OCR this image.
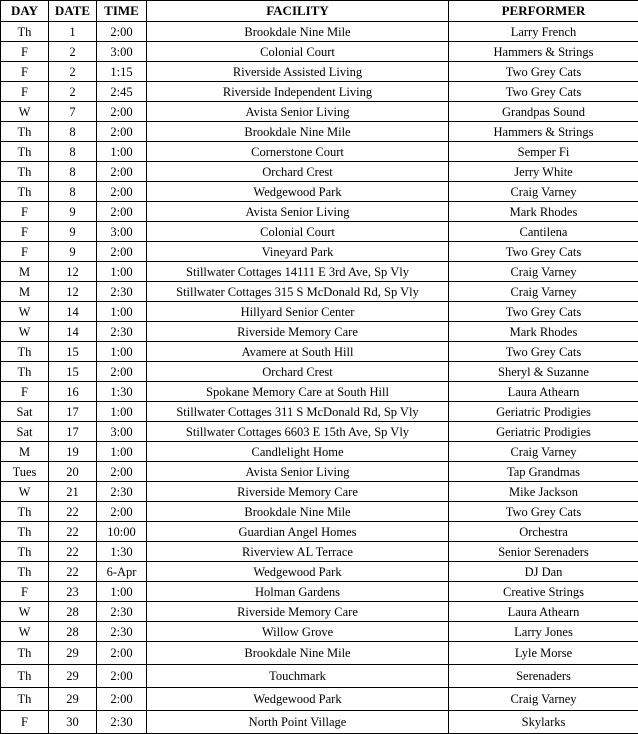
DAY	DATE	TIME	FACILITY	PERFORMER
Th	1	2:00	Brookdale Nine Mile	Larry French
F	2	3:00	Colonial Court	Hammers & Strings
F	2	1:15	Riverside Assisted Living	Two Grey Cats
F	2	2:45	Riverside Independent Living	Two Grey Cats
W	7	2:00	Avista Senior Living	Grandpas Sound
Th	8	2:00	Brookdale Nine Mile	Hammers & Strings
Th	8	1:00	Cornerstone Court	Semper Fi
Th	8	2:00	Orchard Crest	Jerry White
Th	8	2:00	Wedgewood Park	Craig Varney
F	9	2:00	Avista Senior Living	Mark Rhodes
F	9	3:00	Colonial Court	Cantilena
F	9	2:00	Vineyard Park	Two Grey Cats
M	12	1:00	Stillwater Cottages 14111 E 3rd Ave, Sp Vly	Craig Varney
M	12	2:30	Stillwater Cottages 315 S McDonald Rd, Sp Vly	Craig Varney
W	14	1:00	Hillyard Senior Center	Two Grey Cats
W	14	2:30	Riverside Memory Care	Mark Rhodes
Th	15	1:00	Avamere at South Hill	Two Grey Cats
Th	15	2:00	Orchard Crest	Sheryl & Suzanne
F	16	1:30	Spokane Memory Care at South Hill	Laura Athearn
Sat	17	1:00	Stillwater Cottages 311 S McDonald Rd, Sp Vly	Geriatric Prodigies
Sat	17	3:00	Stillwater Cottages 6603 E 15th Ave, Sp Vly	Geriatric Prodigies
M	19	1:00	Candlelight Home	Craig Varney
Tues	20	2:00	Avista Senior Living	Tap Grandmas
W	21	2:30	Riverside Memory Care	Mike Jackson
Th	22	2:00	Brookdale Nine Mile	Two Grey Cats
Th	22	10:00	Guardian Angel Homes	Orchestra
Th	22	1:30	Riverview AL Terrace	Senior Serenaders
Th	22	6-Apr	Wedgewood Park	DJ Dan
F	23	1:00	Holman Gardens	Creative Strings
W	28	2:30	Riverside Memory Care	Laura Athearn
W	28	2:30	Willow Grove	Larry Jones
Th	29	2:00	Brookdale Nine Mile	Lyle Morse
Th	29	2:00	Touchmark	Serenaders
Th	29	2:00	Wedgewood Park	Craig Varney
F	30	2:30	North Point Village	Skylarks
